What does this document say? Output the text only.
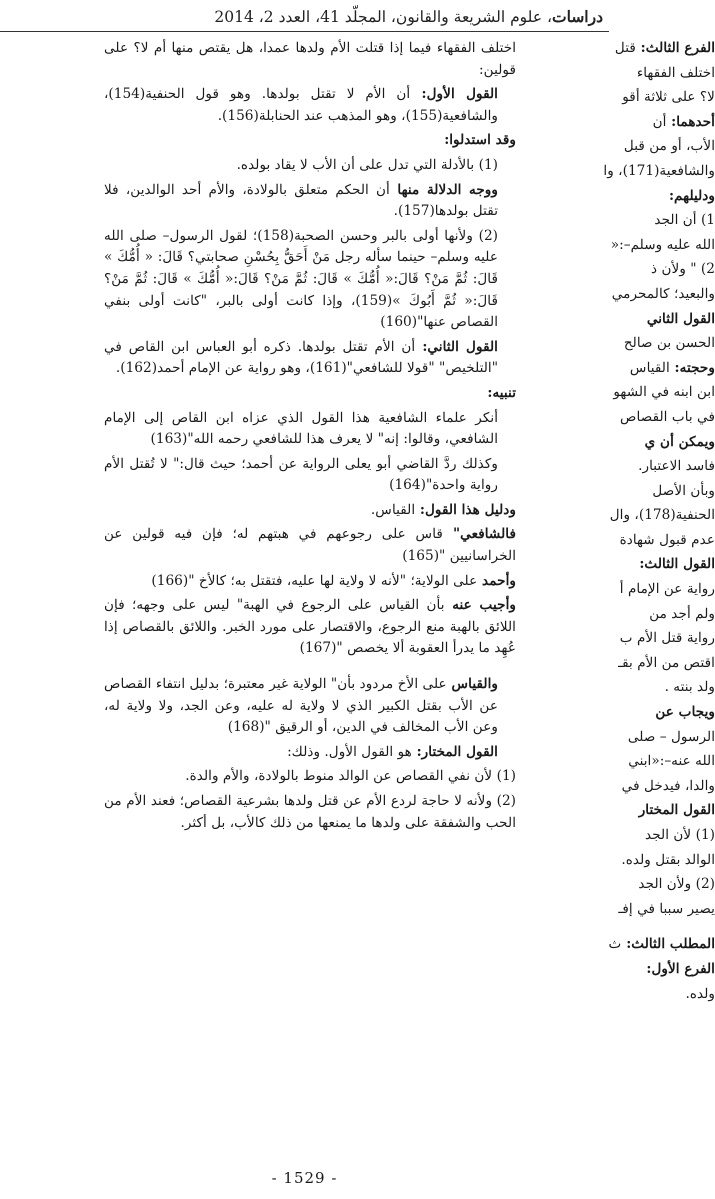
دراسات، علوم الشريعة والقانون، المجلّد 41، العدد 2، 2014

اختلف الفقهاء فيما إذا قتلت الأم ولدها عمدا، هل يقتص منها أم لا؟ على قولين:

القول الأول: أن الأم لا تقتل بولدها. وهو قول الحنفية(154)، والشافعية(155)، وهو المذهب عند الحنابلة(156).

وقد استدلوا:

(1) بالأدلة التي تدل على أن الأب لا يقاد بولده.

ووجه الدلالة منها أن الحكم متعلق بالولادة، والأم أحد الوالدين، فلا تقتل بولدها(157).

(2) ولأنها أولى بالبر وحسن الصحبة(158)؛ لقول الرسول– صلى الله عليه وسلم– حينما سأله رجل مَنْ أَحَقُّ بِحُسْنِ صحابتي؟ قَالَ: « أُمُّكَ » قَالَ: ثُمَّ مَنْ؟ قَالَ:« أُمُّكَ » قَالَ: ثُمَّ مَنْ؟ قَالَ:« أُمُّكَ » قَالَ: ثُمَّ مَنْ؟ قَالَ:« ثُمَّ أَبُوكَ »(159)، وإذا كانت أولى بالبر، "كانت أولى بنفي القصاص عنها"(160)

القول الثاني: أن الأم تقتل بولدها. ذكره أبو العباس ابن القاص في "التلخيص" "قولا للشافعي"(161)، وهو رواية عن الإمام أحمد(162).

تنبيه:

أنكر علماء الشافعية هذا القول الذي عزاه ابن القاص إلى الإمام الشافعي، وقالوا: إنه" لا يعرف هذا للشافعي رحمه الله"(163)

وكذلك ردَّ القاضي أبو يعلى الرواية عن أحمد؛ حيث قال:" لا تُقتل الأم رواية واحدة"(164)

ودليل هذا القول: القياس.

فالشافعي" قاس على رجوعهم في هبتهم له؛ فإن فيه قولين عن الخراسانيين "(165)

وأحمد على الولاية؛ "لأنه لا ولاية لها عليه، فتقتل به؛ كالأخ "(166)

وأجيب عنه بأن القياس على الرجوع في الهبة" ليس على وجهه؛ فإن اللائق بالهبة منع الرجوع، والاقتصار على مورد الخبر. واللائق بالقصاص إذا عُهِد ما يدرأ العقوبة ألا يخصص "(167)

والقياس على الأخ مردود بأن" الولاية غير معتبرة؛ بدليل انتفاء القصاص عن الأب بقتل الكبير الذي لا ولاية له عليه، وعن الجد، ولا ولاية له، وعن الأب المخالف في الدين، أو الرقيق "(168)

القول المختار: هو القول الأول. وذلك:

(1) لأن نفي القصاص عن الوالد منوط بالولادة، والأم والدة.

(2) ولأنه لا حاجة لردع الأم عن قتل ولدها بشرعية القصاص؛ فعند الأم من الحب والشفقة على ولدها ما يمنعها من ذلك كالأب، بل أكثر.

الفرع الثالث: قتل

اختلف الفقهاء

لا؟ على ثلاثة أقو

أحدهما: أن

الأب، أو من قبل

والشافعية(171)، وا

ودليلهم:

1) أن الجد

الله عليه وسلم–:«

2) " ولأن ذ

والبعيد؛ كالمحرمي

القول الثاني

الحسن بن صالح

وحجته: القياس

ابن ابنه في الشهو

في باب القصاص

ويمكن أن ي

فاسد الاعتبار.

وبأن الأصل

الحنفية(178)، وال

عدم قبول شهادة

القول الثالث:

رواية عن الإمام أ

ولم أجد من

رواية قتل الأم ب

اقتص من الأم بقـ

ولد بنته .

ويجاب عن

الرسول – صلى

الله عنه–:«ابني

والدا، فيدخل في

القول المختار

(1) لأن الجد

الوالد بقتل ولده.

(2) ولأن الجد

يصير سببا في إفـ

المطلب الثالث: ث

الفرع الأول:

ولده.

- 1529 -
